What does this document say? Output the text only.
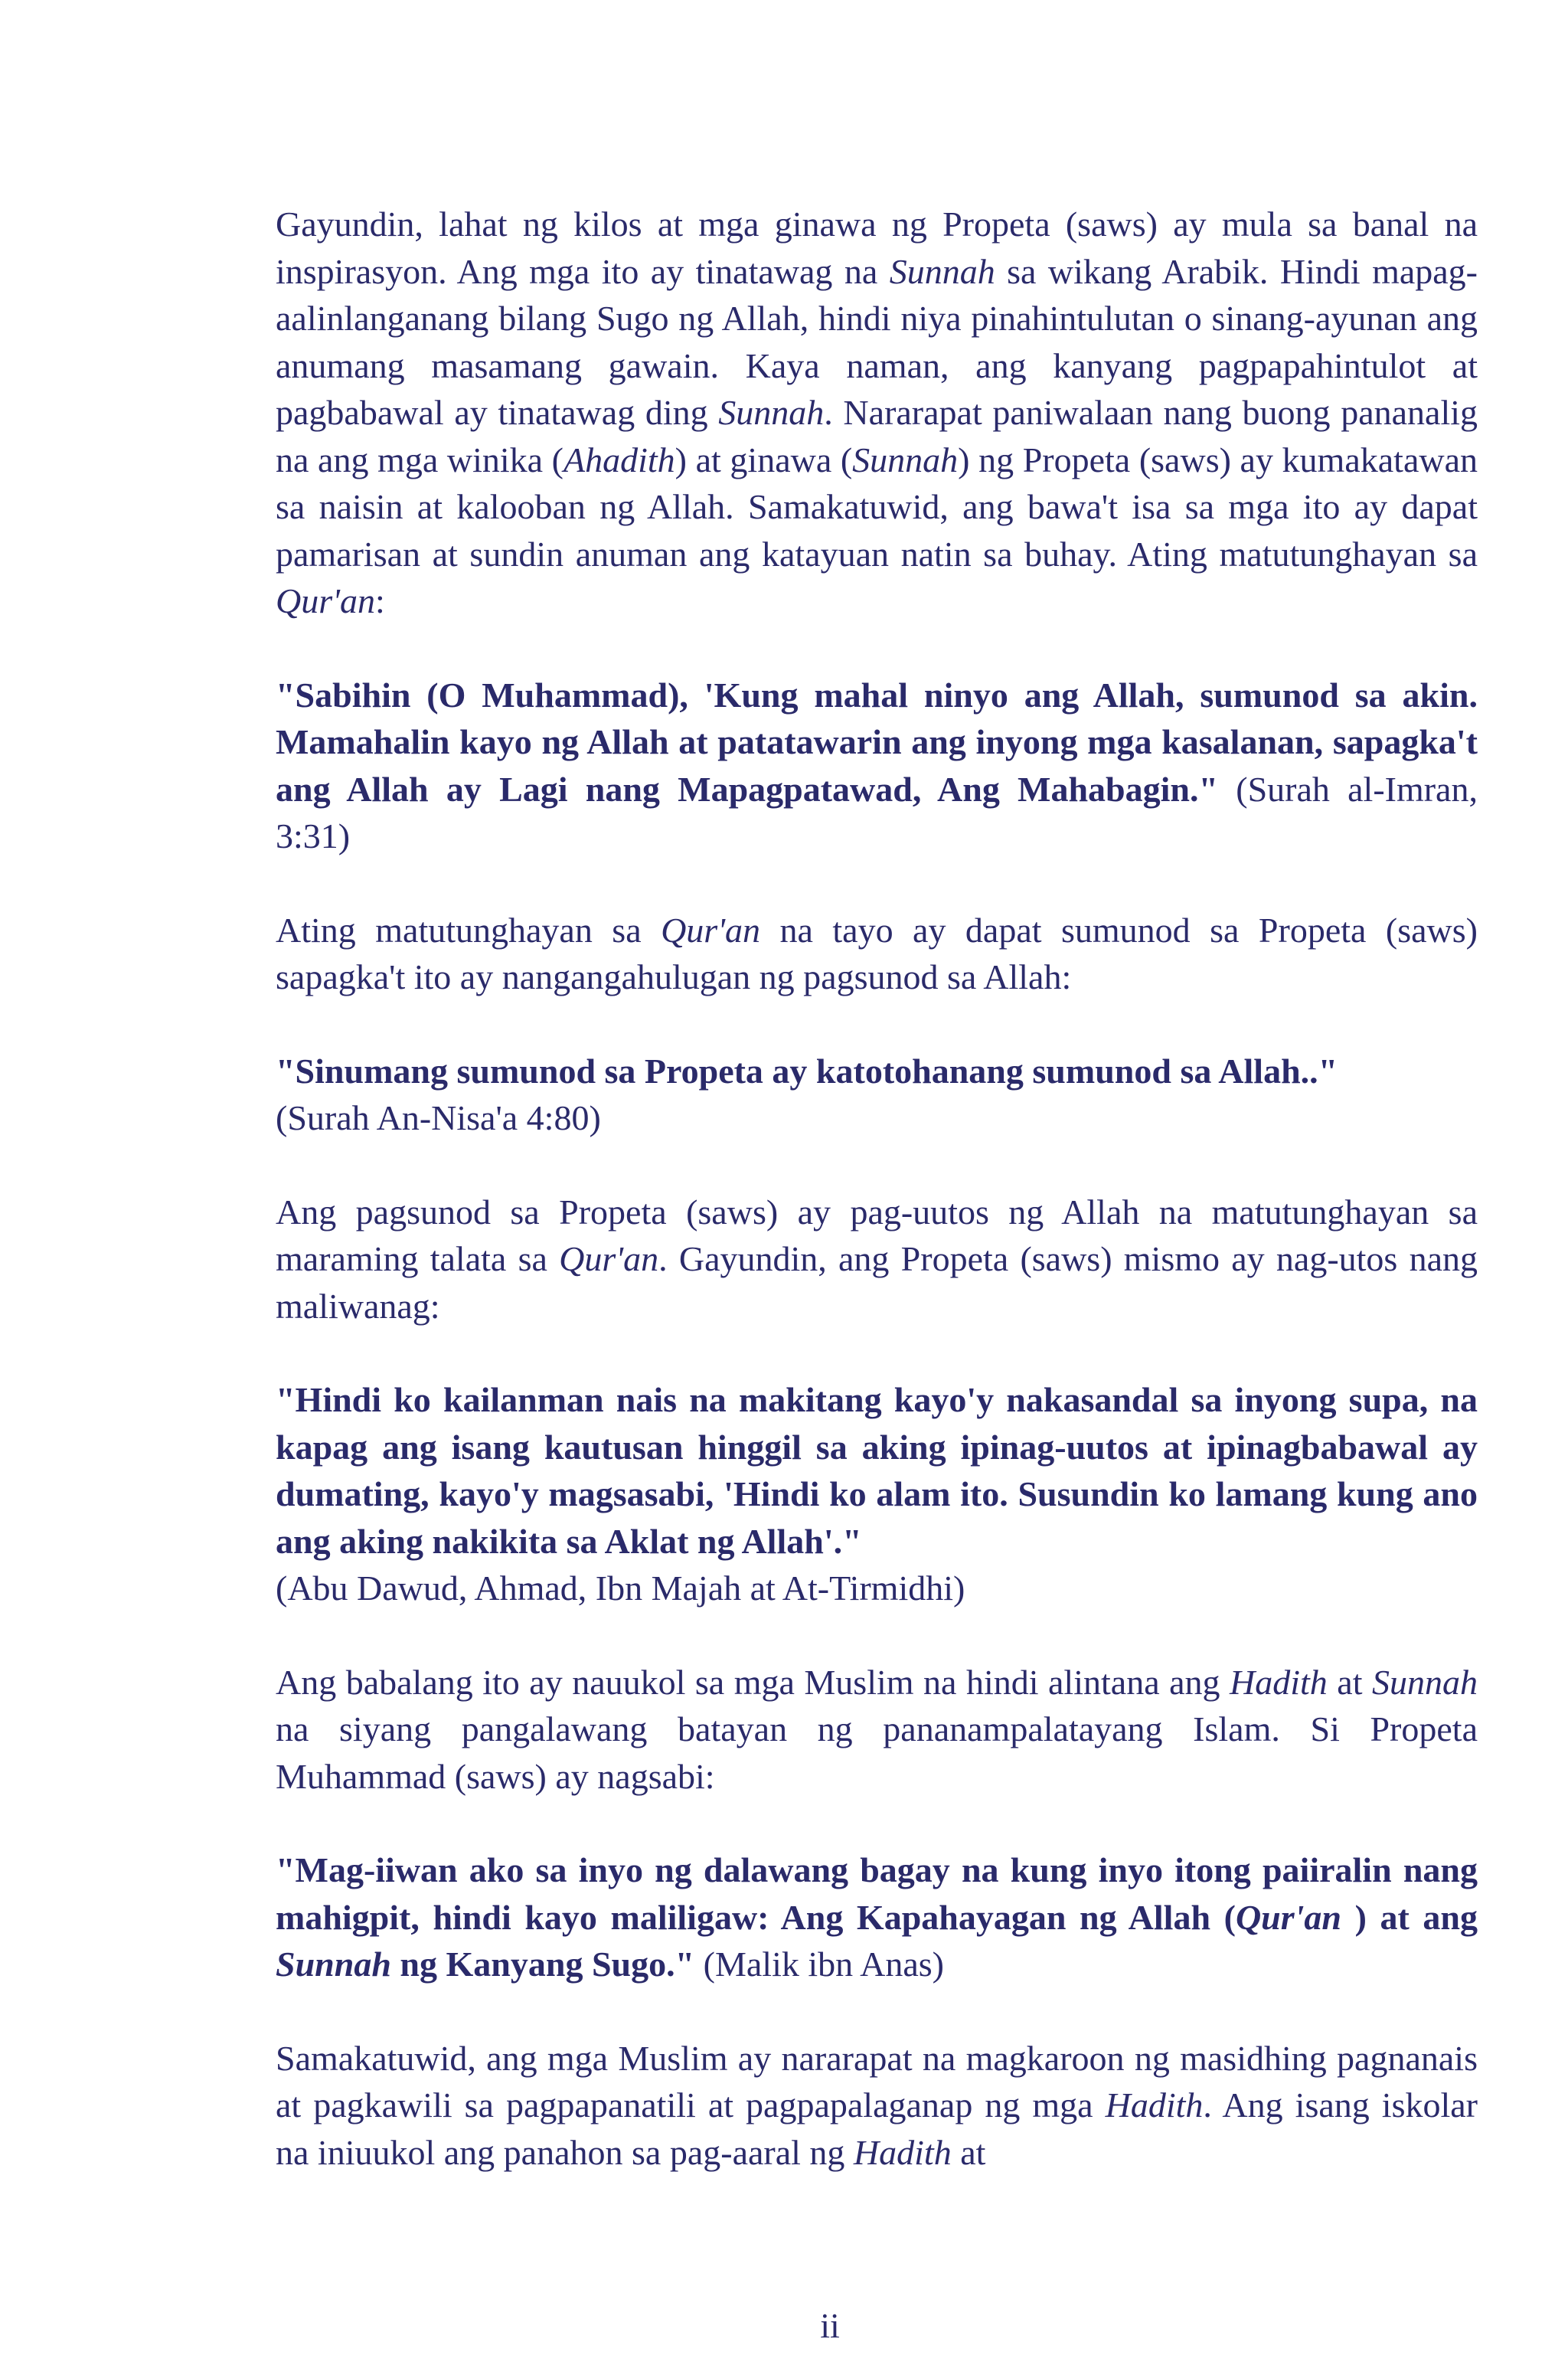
Gayundin, lahat ng kilos at mga ginawa ng Propeta (saws) ay mula sa banal na inspirasyon. Ang mga ito ay tinatawag na Sunnah sa wikang Arabik. Hindi mapag-aalinlanganang bilang Sugo ng Allah, hindi niya pinahintulutan o sinang-ayunan ang anumang masamang gawain. Kaya naman, ang kanyang pagpapahintulot at pagbabawal ay tinatawag ding Sunnah. Nararapat paniwalaan nang buong pananalig na ang mga winika (Ahadith) at ginawa (Sunnah) ng Propeta (saws) ay kumakatawan sa naisin at kalooban ng Allah. Samakatuwid, ang bawa't isa sa mga ito ay dapat pamarisan at sundin anuman ang katayuan natin sa buhay. Ating matutunghayan sa Qur'an:

"Sabihin (O Muhammad), 'Kung mahal ninyo ang Allah, sumunod sa akin. Mamahalin kayo ng Allah at patatawarin ang inyong mga kasalanan, sapagka't ang Allah ay Lagi nang Mapagpatawad, Ang Mahabagin." (Surah al-Imran, 3:31)

Ating matutunghayan sa Qur'an na tayo ay dapat sumunod sa Propeta (saws) sapagka't ito ay nangangahulugan ng pagsunod sa Allah:

"Sinumang sumunod sa Propeta ay katotohanang sumunod sa Allah.."
(Surah An-Nisa'a 4:80)

Ang pagsunod sa Propeta (saws) ay pag-uutos ng Allah na matutunghayan sa maraming talata sa Qur'an. Gayundin, ang Propeta (saws) mismo ay nag-utos nang maliwanag:

"Hindi ko kailanman nais na makitang kayo'y nakasandal sa inyong supa, na kapag ang isang kautusan hinggil sa aking ipinag-uutos at ipinagbabawal ay dumating, kayo'y magsasabi, 'Hindi ko alam ito. Susundin ko lamang kung ano ang aking nakikita sa Aklat ng Allah'."
(Abu Dawud, Ahmad, Ibn Majah at At-Tirmidhi)

Ang babalang ito ay nauukol sa mga Muslim na hindi alintana ang Hadith at Sunnah na siyang pangalawang batayan ng pananampalatayang Islam. Si Propeta Muhammad (saws) ay nagsabi:

"Mag-iiwan ako sa inyo ng dalawang bagay na kung inyo itong paiiralin nang mahigpit, hindi kayo maliligaw: Ang Kapahayagan ng Allah (Qur'an ) at ang Sunnah ng Kanyang Sugo." (Malik ibn Anas)

Samakatuwid, ang mga Muslim ay nararapat na magkaroon ng masidhing pagnanais at pagkawili sa pagpapanatili at pagpapalaganap ng mga Hadith. Ang isang iskolar na iniuukol ang panahon sa pag-aaral ng Hadith at

ii
